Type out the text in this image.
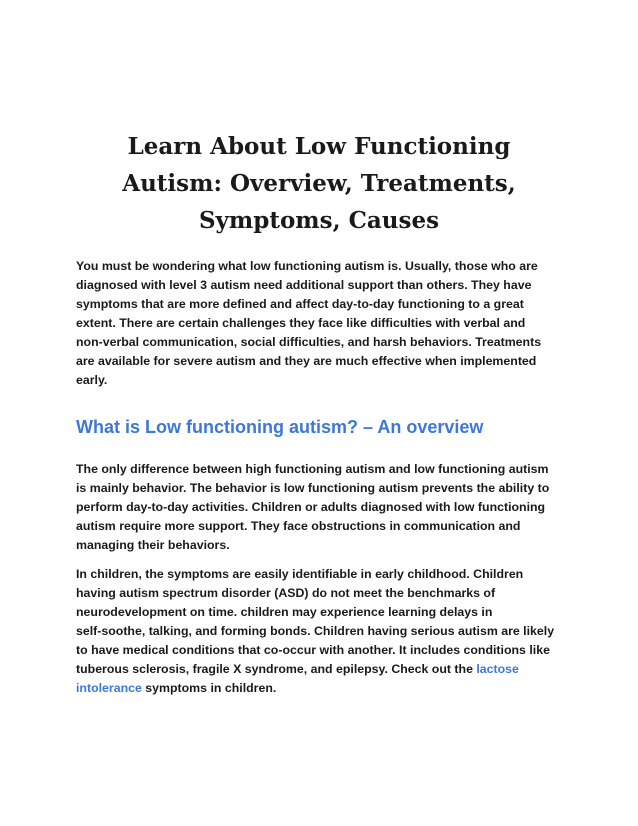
Learn About Low Functioning
Autism: Overview, Treatments,
Symptoms, Causes

You must be wondering what low functioning autism is. Usually, those who are
diagnosed with level 3 autism need additional support than others. They have
symptoms that are more defined and affect day-to-day functioning to a great
extent. There are certain challenges they face like difficulties with verbal and
non-verbal communication, social difficulties, and harsh behaviors. Treatments
are available for severe autism and they are much effective when implemented
early.

What is Low functioning autism? – An overview

The only difference between high functioning autism and low functioning autism
is mainly behavior. The behavior is low functioning autism prevents the ability to
perform day-to-day activities. Children or adults diagnosed with low functioning
autism require more support. They face obstructions in communication and
managing their behaviors.

In children, the symptoms are easily identifiable in early childhood. Children
having autism spectrum disorder (ASD) do not meet the benchmarks of
neurodevelopment on time. children may experience learning delays in
self-soothe, talking, and forming bonds. Children having serious autism are likely
to have medical conditions that co-occur with another. It includes conditions like
tuberous sclerosis, fragile X syndrome, and epilepsy. Check out the lactose
intolerance symptoms in children.
